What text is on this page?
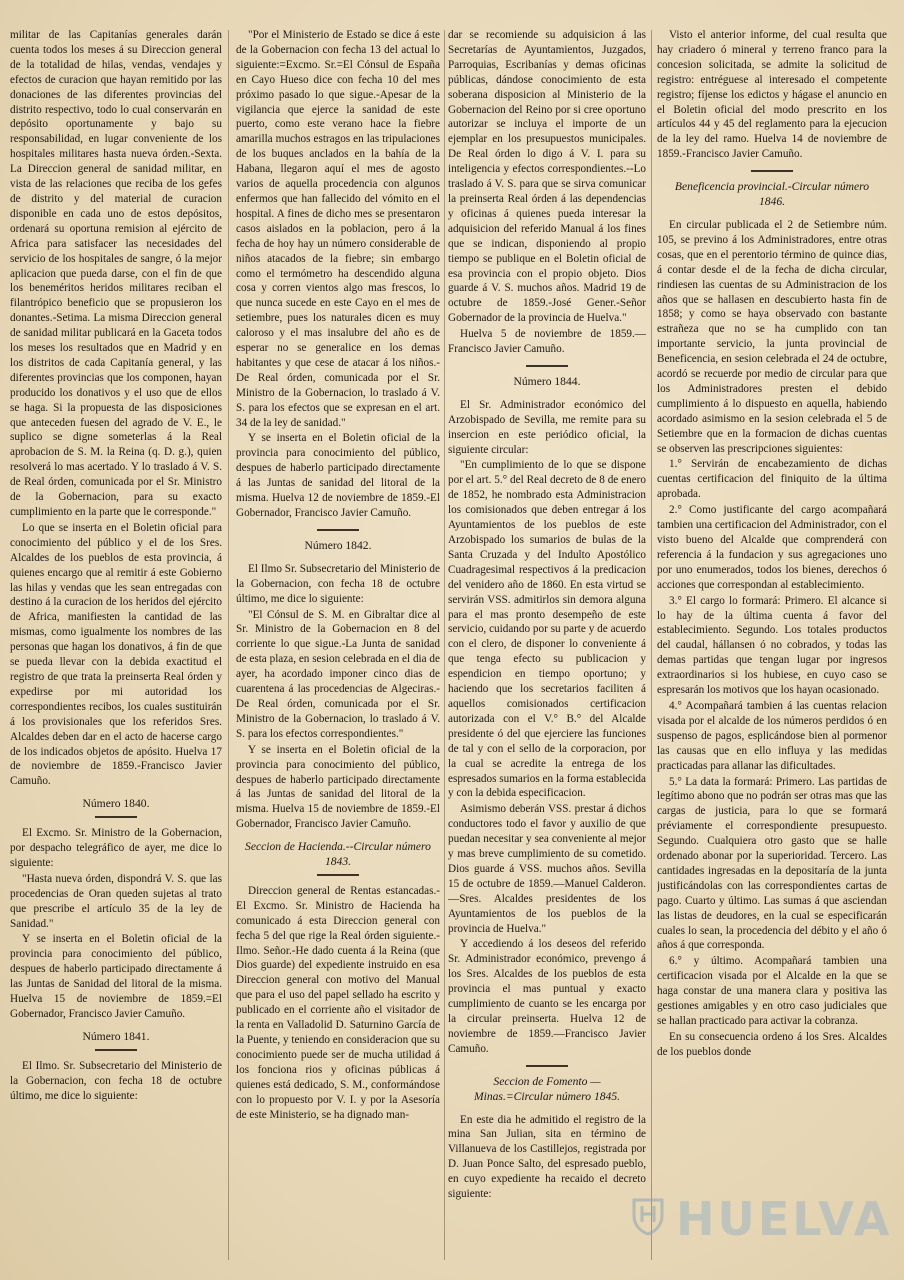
militar de las Capitanías generales darán cuenta todos los meses á su Direccion general de la totalidad de hilas, vendas, vendajes y efectos de curacion que hayan remitido por las donaciones de las diferentes provincias del distrito respectivo, todo lo cual conservarán en depósito oportunamente y bajo su responsabilidad, en lugar conveniente de los hospitales militares hasta nueva órden.-Sexta. La Direccion general de sanidad militar, en vista de las relaciones que reciba de los gefes de distrito y del material de curacion disponible en cada uno de estos depósitos, ordenará su oportuna remision al ejército de Africa para satisfacer las necesidades del servicio de los hospitales de sangre, ó la mejor aplicacion que pueda darse, con el fin de que los beneméritos heridos militares reciban el filantrópico beneficio que se propusieron los donantes.-Setima. La misma Direccion general de sanidad militar publicará en la Gaceta todos los meses los resultados que en Madrid y en los distritos de cada Capitanía general, y las diferentes provincias que los componen, hayan producido los donativos y el uso que de ellos se haga. Si la propuesta de las disposiciones que anteceden fuesen del agrado de V. E., le suplico se digne someterlas á la Real aprobacion de S. M. la Reina (q. D. g.), quien resolverá lo mas acertado. Y lo traslado á V. S. de Real órden, comunicada por el Sr. Ministro de la Gobernacion, para su exacto cumplimiento en la parte que le corresponde."

Lo que se inserta en el Boletin oficial para conocimiento del público y el de los Sres. Alcaldes de los pueblos de esta provincia, á quienes encargo que al remitir á este Gobierno las hilas y vendas que les sean entregadas con destino á la curacion de los heridos del ejército de Africa, manifiesten la cantidad de las mismas, como igualmente los nombres de las personas que hagan los donativos, á fin de que se pueda llevar con la debida exactitud el registro de que trata la preinserta Real órden y expedirse por mi autoridad los correspondientes recibos, los cuales sustituirán á los provisionales que los referidos Sres. Alcaldes deben dar en el acto de hacerse cargo de los indicados objetos de apósito. Huelva 17 de noviembre de 1859.-Francisco Javier Camuño.

Número 1840.

El Excmo. Sr. Ministro de la Gobernacion, por despacho telegráfico de ayer, me dice lo siguiente:

"Hasta nueva órden, dispondrá V. S. que las procedencias de Oran queden sujetas al trato que prescribe el artículo 35 de la ley de Sanidad."

Y se inserta en el Boletin oficial de la provincia para conocimiento del público, despues de haberlo participado directamente á las Juntas de Sanidad del litoral de la misma. Huelva 15 de noviembre de 1859.=El Gobernador, Francisco Javier Camuño.

Número 1841.

El Ilmo. Sr. Subsecretario del Ministerio de la Gobernacion, con fecha 18 de octubre último, me dice lo siguiente:

"Por el Ministerio de Estado se dice á este de la Gobernacion con fecha 13 del actual lo siguiente:=Excmo. Sr.=El Cónsul de España en Cayo Hueso dice con fecha 10 del mes próximo pasado lo que sigue.-Apesar de la vigilancia que ejerce la sanidad de este puerto, como este verano hace la fiebre amarilla muchos estragos en las tripulaciones de los buques anclados en la bahía de la Habana, llegaron aquí el mes de agosto varios de aquella procedencia con algunos enfermos que han fallecido del vómito en el hospital. A fines de dicho mes se presentaron casos aislados en la poblacion, pero á la fecha de hoy hay un número considerable de niños atacados de la fiebre; sin embargo como el termómetro ha descendido alguna cosa y corren vientos algo mas frescos, lo que nunca sucede en este Cayo en el mes de setiembre, pues los naturales dicen es muy caloroso y el mas insalubre del año es de esperar no se generalice en los demas habitantes y que cese de atacar á los niños.-De Real órden, comunicada por el Sr. Ministro de la Gobernacion, lo traslado á V. S. para los efectos que se expresan en el art. 34 de la ley de sanidad."

Y se inserta en el Boletin oficial de la provincia para conocimiento del público, despues de haberlo participado directamente á las Juntas de sanidad del litoral de la misma. Huelva 12 de noviembre de 1859.-El Gobernador, Francisco Javier Camuño.

Número 1842.

El Ilmo Sr. Subsecretario del Ministerio de la Gobernacion, con fecha 18 de octubre último, me dice lo siguiente:

"El Cónsul de S. M. en Gibraltar dice al Sr. Ministro de la Gobernacion en 8 del corriente lo que sigue.-La Junta de sanidad de esta plaza, en sesion celebrada en el dia de ayer, ha acordado imponer cinco dias de cuarentena á las procedencias de Algeciras.-De Real órden, comunicada por el Sr. Ministro de la Gobernacion, lo traslado á V. S. para los efectos correspondientes."

Y se inserta en el Boletin oficial de la provincia para conocimiento del público, despues de haberlo participado directamente á las Juntas de sanidad del litoral de la misma. Huelva 15 de noviembre de 1859.-El Gobernador, Francisco Javier Camuño.

Seccion de Hacienda.--Circular número 1843.

Direccion general de Rentas estancadas.-El Excmo. Sr. Ministro de Hacienda ha comunicado á esta Direccion general con fecha 5 del que rige la Real órden siguiente.-Ilmo. Señor.-He dado cuenta á la Reina (que Dios guarde) del expediente instruido en esa Direccion general con motivo del Manual que para el uso del papel sellado ha escrito y publicado en el corriente año el visitador de la renta en Valladolid D. Saturnino García de la Puente, y teniendo en consideracion que su conocimiento puede ser de mucha utilidad á los fonciona rios y oficinas públicas á quienes está dedicado, S. M., conformándose con lo propuesto por V. I. y por la Asesoría de este Ministerio, se ha dignado man-

dar se recomiende su adquisicion á las Secretarías de Ayuntamientos, Juzgados, Parroquias, Escribanías y demas oficinas públicas, dándose conocimiento de esta soberana disposicion al Ministerio de la Gobernacion del Reino por si cree oportuno autorizar se incluya el importe de un ejemplar en los presupuestos municipales. De Real órden lo digo á V. I. para su inteligencia y efectos correspondientes.--Lo traslado á V. S. para que se sirva comunicar la preinserta Real órden á las dependencias y oficinas á quienes pueda interesar la adquisicion del referido Manual á los fines que se indican, disponiendo al propio tiempo se publique en el Boletin oficial de esa provincia con el propio objeto. Dios guarde á V. S. muchos años. Madrid 19 de octubre de 1859.-José Gener.-Señor Gobernador de la provincia de Huelva."

Huelva 5 de noviembre de 1859.—Francisco Javier Camuño.

Número 1844.

El Sr. Administrador económico del Arzobispado de Sevilla, me remite para su insercion en este periódico oficial, la siguiente circular:

"En cumplimiento de lo que se dispone por el art. 5.° del Real decreto de 8 de enero de 1852, he nombrado esta Administracion los comisionados que deben entregar á los Ayuntamientos de los pueblos de este Arzobispado los sumarios de bulas de la Santa Cruzada y del Indulto Apostólico Cuadragesimal respectivos á la predicacion del venidero año de 1860. En esta virtud se servirán VSS. admitirlos sin demora alguna para el mas pronto desempeño de este servicio, cuidando por su parte y de acuerdo con el clero, de disponer lo conveniente á que tenga efecto su publicacion y espendicion en tiempo oportuno; y haciendo que los secretarios faciliten á aquellos comisionados certificacion autorizada con el V.° B.° del Alcalde presidente ó del que ejerciere las funciones de tal y con el sello de la corporacion, por la cual se acredite la entrega de los espresados sumarios en la forma establecida y con la debida especificacion.

Asimismo deberán VSS. prestar á dichos conductores todo el favor y auxilio de que puedan necesitar y sea conveniente al mejor y mas breve cumplimiento de su cometido. Dios guarde á VSS. muchos años. Sevilla 15 de octubre de 1859.—Manuel Calderon.—Sres. Alcaldes presidentes de los Ayuntamientos de los pueblos de la provincia de Huelva."

Y accediendo á los deseos del referido Sr. Administrador económico, prevengo á los Sres. Alcaldes de los pueblos de esta provincia el mas puntual y exacto cumplimiento de cuanto se les encarga por la circular preinserta. Huelva 12 de noviembre de 1859.—Francisco Javier Camuño.

Seccion de Fomento —Minas.=Circular número 1845.

En este dia he admitido el registro de la mina San Julian, sita en término de Villanueva de los Castillejos, registrada por D. Juan Ponce Salto, del espresado pueblo, en cuyo expediente ha recaido el decreto siguiente:

Visto el anterior informe, del cual resulta que hay criadero ó mineral y terreno franco para la concesion solicitada, se admite la solicitud de registro: entréguese al interesado el competente registro; fíjense los edictos y hágase el anuncio en el Boletin oficial del modo prescrito en los artículos 44 y 45 del reglamento para la ejecucion de la ley del ramo. Huelva 14 de noviembre de 1859.-Francisco Javier Camuño.

Beneficencia provincial.-Circular número 1846.

En circular publicada el 2 de Setiembre núm. 105, se previno á los Administradores, entre otras cosas, que en el perentorio término de quince dias, á contar desde el de la fecha de dicha circular, rindiesen las cuentas de su Administracion de los años que se hallasen en descubierto hasta fin de 1858; y como se haya observado con bastante estrañeza que no se ha cumplido con tan importante servicio, la junta provincial de Beneficencia, en sesion celebrada el 24 de octubre, acordó se recuerde por medio de circular para que los Administradores presten el debido cumplimiento á lo dispuesto en aquella, habiendo acordado asimismo en la sesion celebrada el 5 de Setiembre que en la formacion de dichas cuentas se observen las prescripciones siguientes:

1.° Servirán de encabezamiento de dichas cuentas certificacion del finiquito de la última aprobada.

2.° Como justificante del cargo acompañará tambien una certificacion del Administrador, con el visto bueno del Alcalde que comprenderá con referencia á la fundacion y sus agregaciones uno por uno enumerados, todos los bienes, derechos ó acciones que correspondan al establecimiento.

3.° El cargo lo formará: Primero. El alcance si lo hay de la última cuenta á favor del establecimiento. Segundo. Los totales productos del caudal, hállansen ó no cobrados, y todas las demas partidas que tengan lugar por ingresos extraordinarios si los hubiese, en cuyo caso se espresarán los motivos que los hayan ocasionado.

4.° Acompañará tambien á las cuentas relacion visada por el alcalde de los números perdidos ó en suspenso de pagos, esplicándose bien al pormenor las causas que en ello influya y las medidas practicadas para allanar las dificultades.

5.° La data la formará: Primero. Las partidas de legítimo abono que no podrán ser otras mas que las cargas de justicia, para lo que se formará préviamente el correspondiente presupuesto. Segundo. Cualquiera otro gasto que se halle ordenado abonar por la superioridad. Tercero. Las cantidades ingresadas en la depositaría de la junta justificándolas con las correspondientes cartas de pago. Cuarto y último. Las sumas á que asciendan las listas de deudores, en la cual se especificarán cuales lo sean, la procedencia del débito y el año ó años á que corresponda.

6.° y último. Acompañará tambien una certificacion visada por el Alcalde en la que se haga constar de una manera clara y positiva las gestiones amigables y en otro caso judiciales que se hallan practicado para activar la cobranza.

En su consecuencia ordeno á los Sres. Alcaldes de los pueblos donde

HUELVA
